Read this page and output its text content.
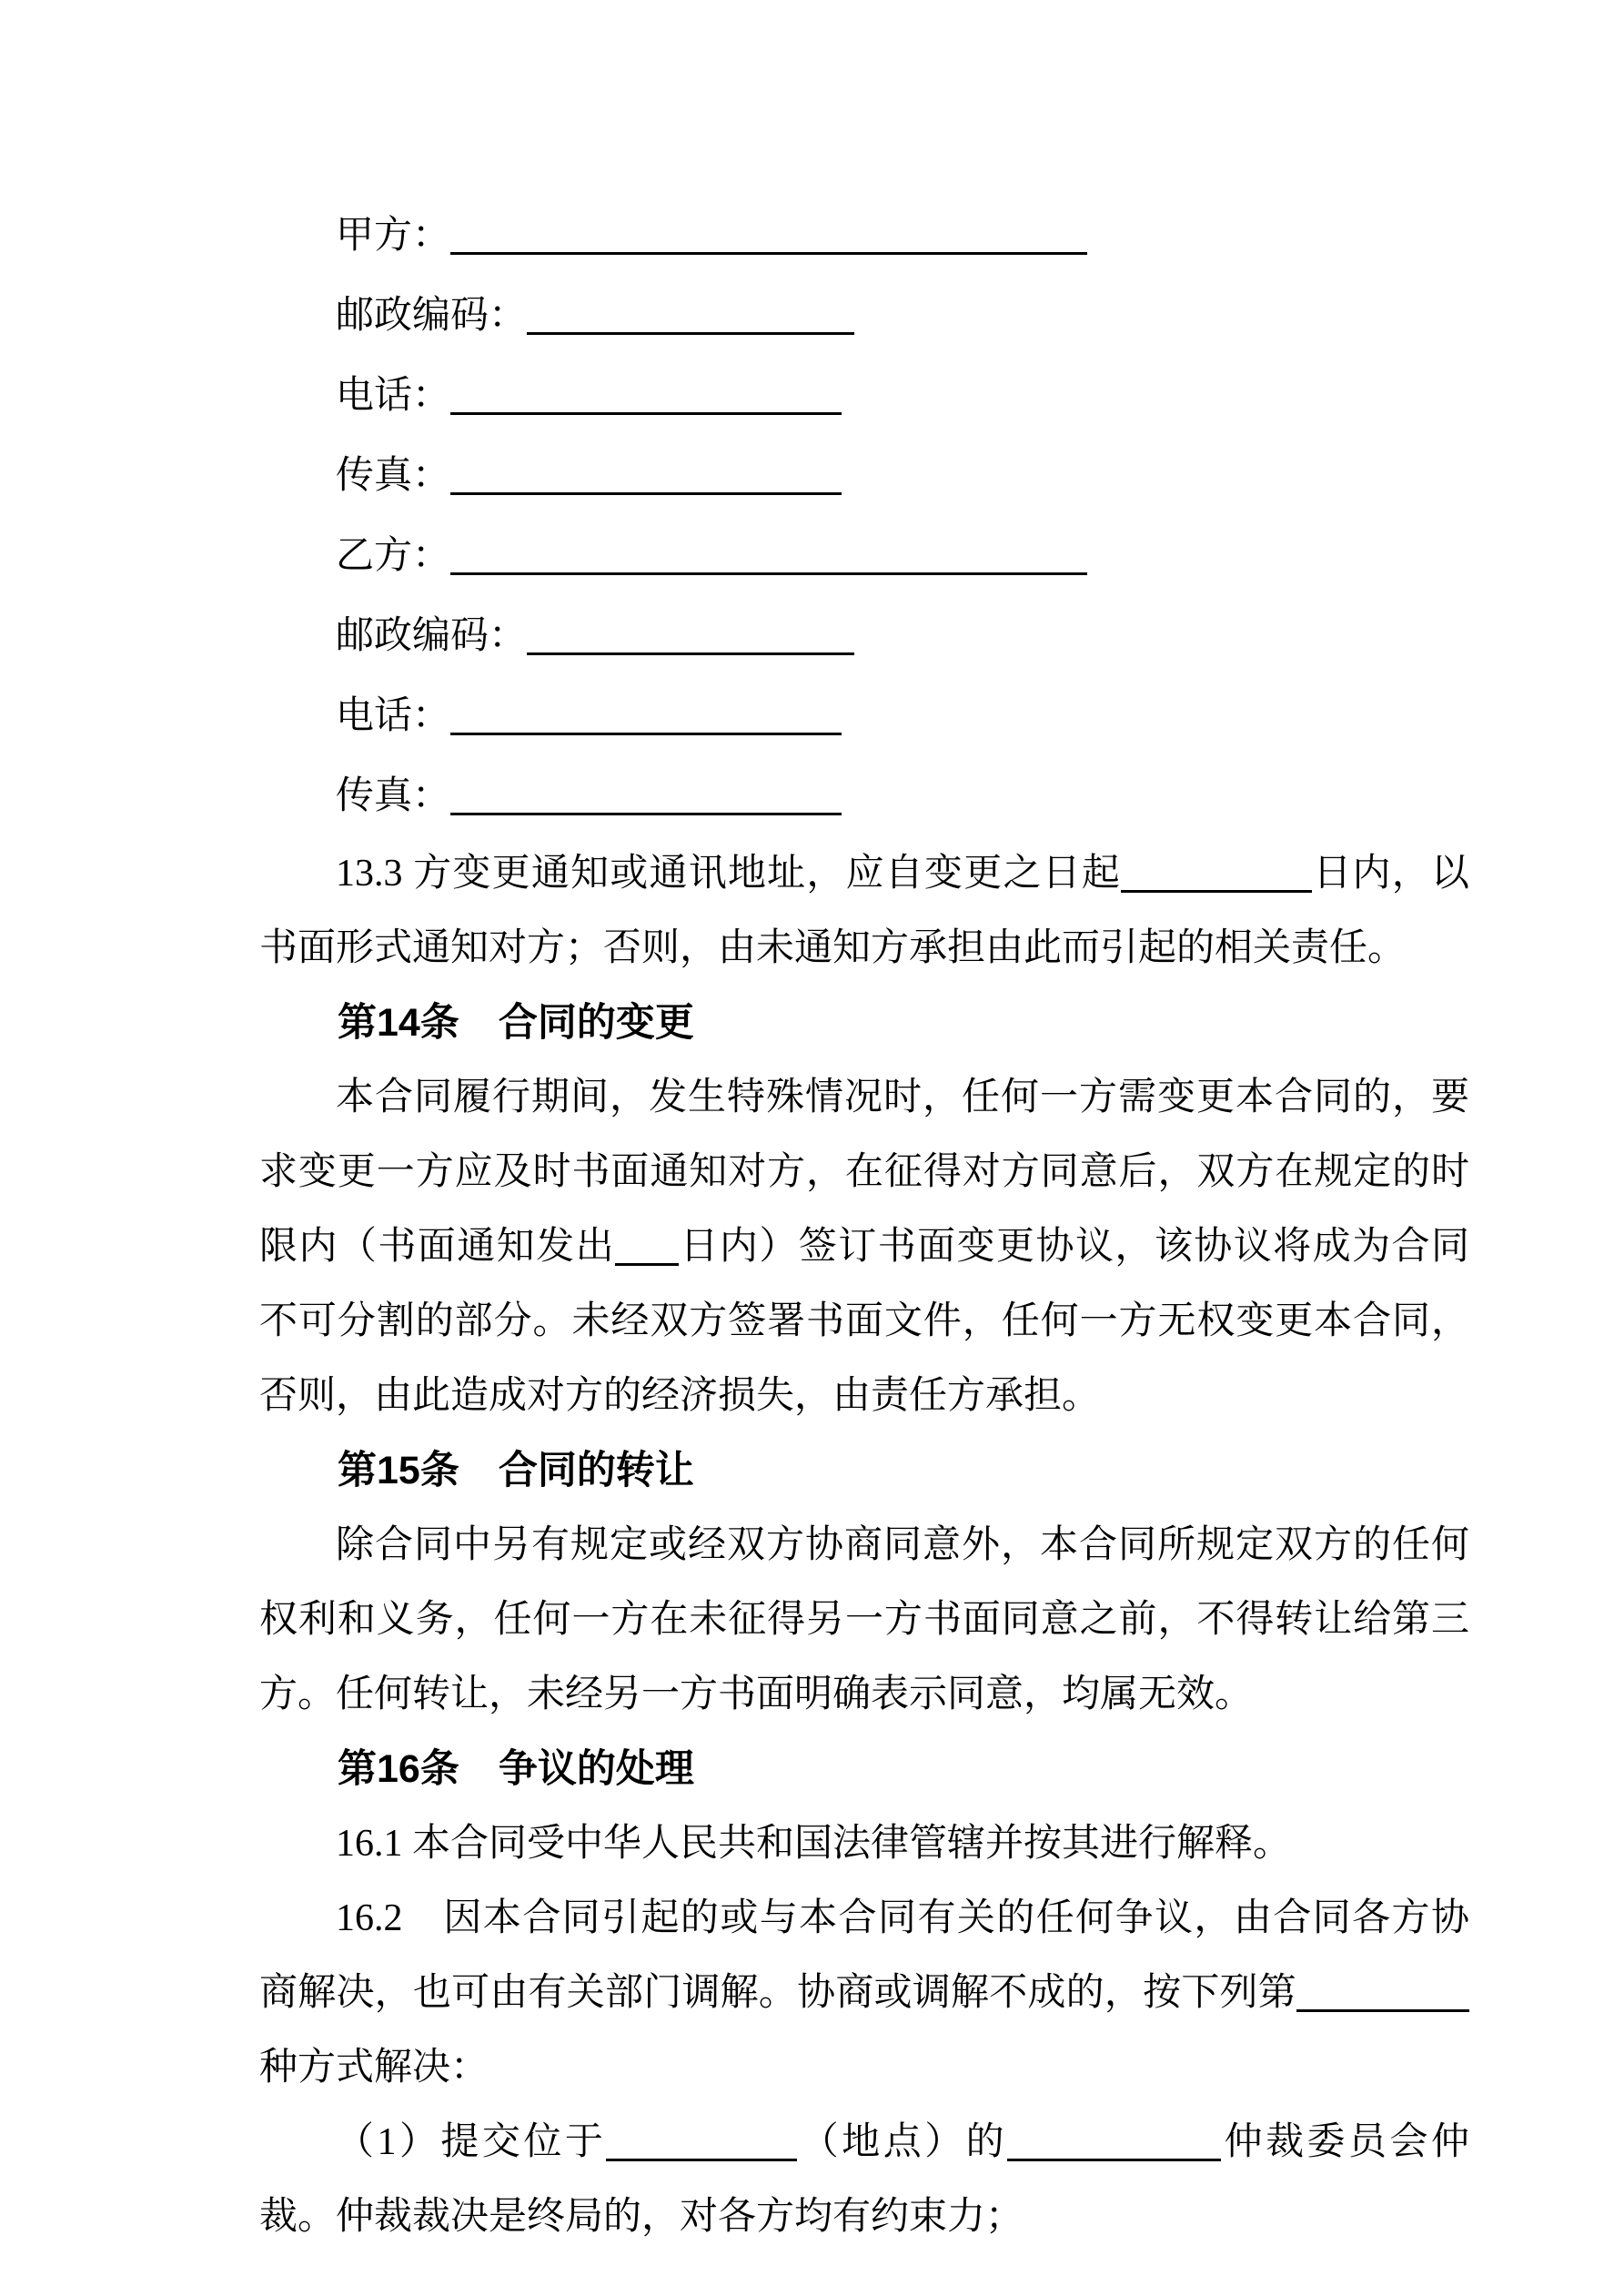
甲方：
邮政编码：
电话：
传真：
乙方：
邮政编码：
电话：
传真：

13.3 方变更通知或通讯地址，应自变更之日起	日内，以书面形式通知对方；否则，由未通知方承担由此而引起的相关责任。

第14条 合同的变更

本合同履行期间，发生特殊情况时，任何一方需变更本合同的，要求变更一方应及时书面通知对方，在征得对方同意后，双方在规定的时限内（书面通知发出 日内）签订书面变更协议，该协议将成为合同不可分割的部分。未经双方签署书面文件，任何一方无权变更本合同，否则，由此造成对方的经济损失，由责任方承担。

第15条 合同的转让

除合同中另有规定或经双方协商同意外，本合同所规定双方的任何权利和义务，任何一方在未征得另一方书面同意之前，不得转让给第三方。任何转让，未经另一方书面明确表示同意，均属无效。

第16条 争议的处理

16.1 本合同受中华人民共和国法律管辖并按其进行解释。

16.2　因本合同引起的或与本合同有关的任何争议，由合同各方协商解决，也可由有关部门调解。协商或调解不成的，按下列第种方式解决：

（1）提交位于	（地点）的	仲裁委员会仲裁。仲裁裁决是终局的，对各方均有约束力；
